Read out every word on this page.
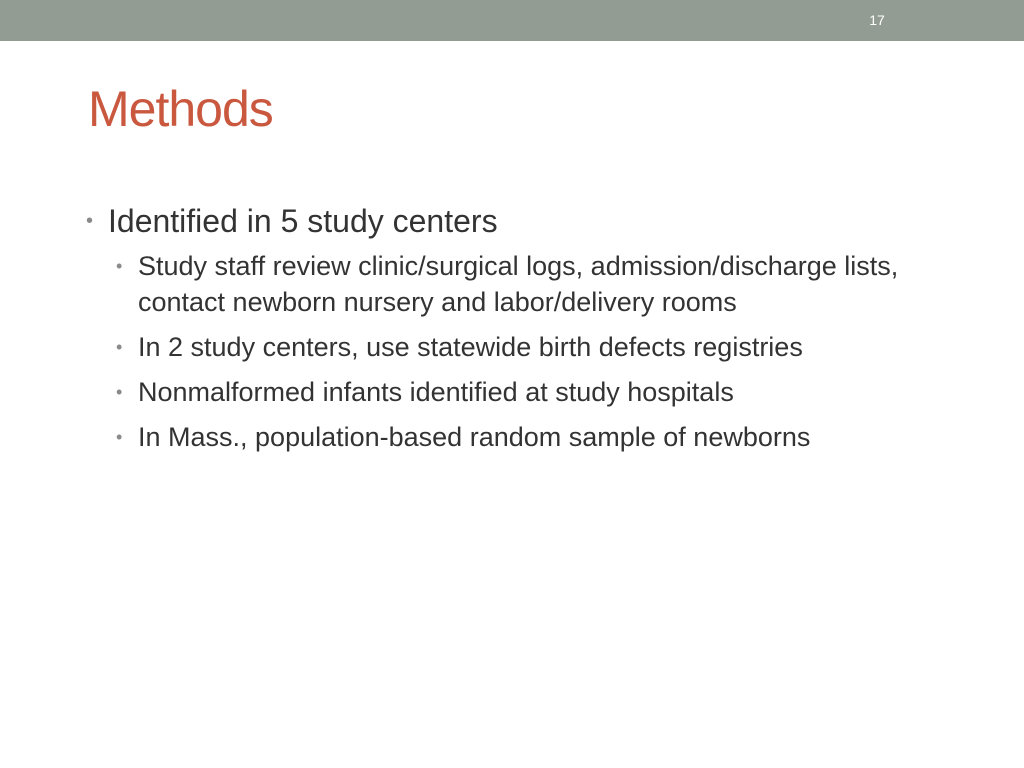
17
Methods
• Identified in 5 study centers
• Study staff review clinic/surgical logs, admission/discharge lists, contact newborn nursery and labor/delivery rooms
• In 2 study centers, use statewide birth defects registries
• Nonmalformed infants identified at study hospitals
• In Mass., population-based random sample of newborns
